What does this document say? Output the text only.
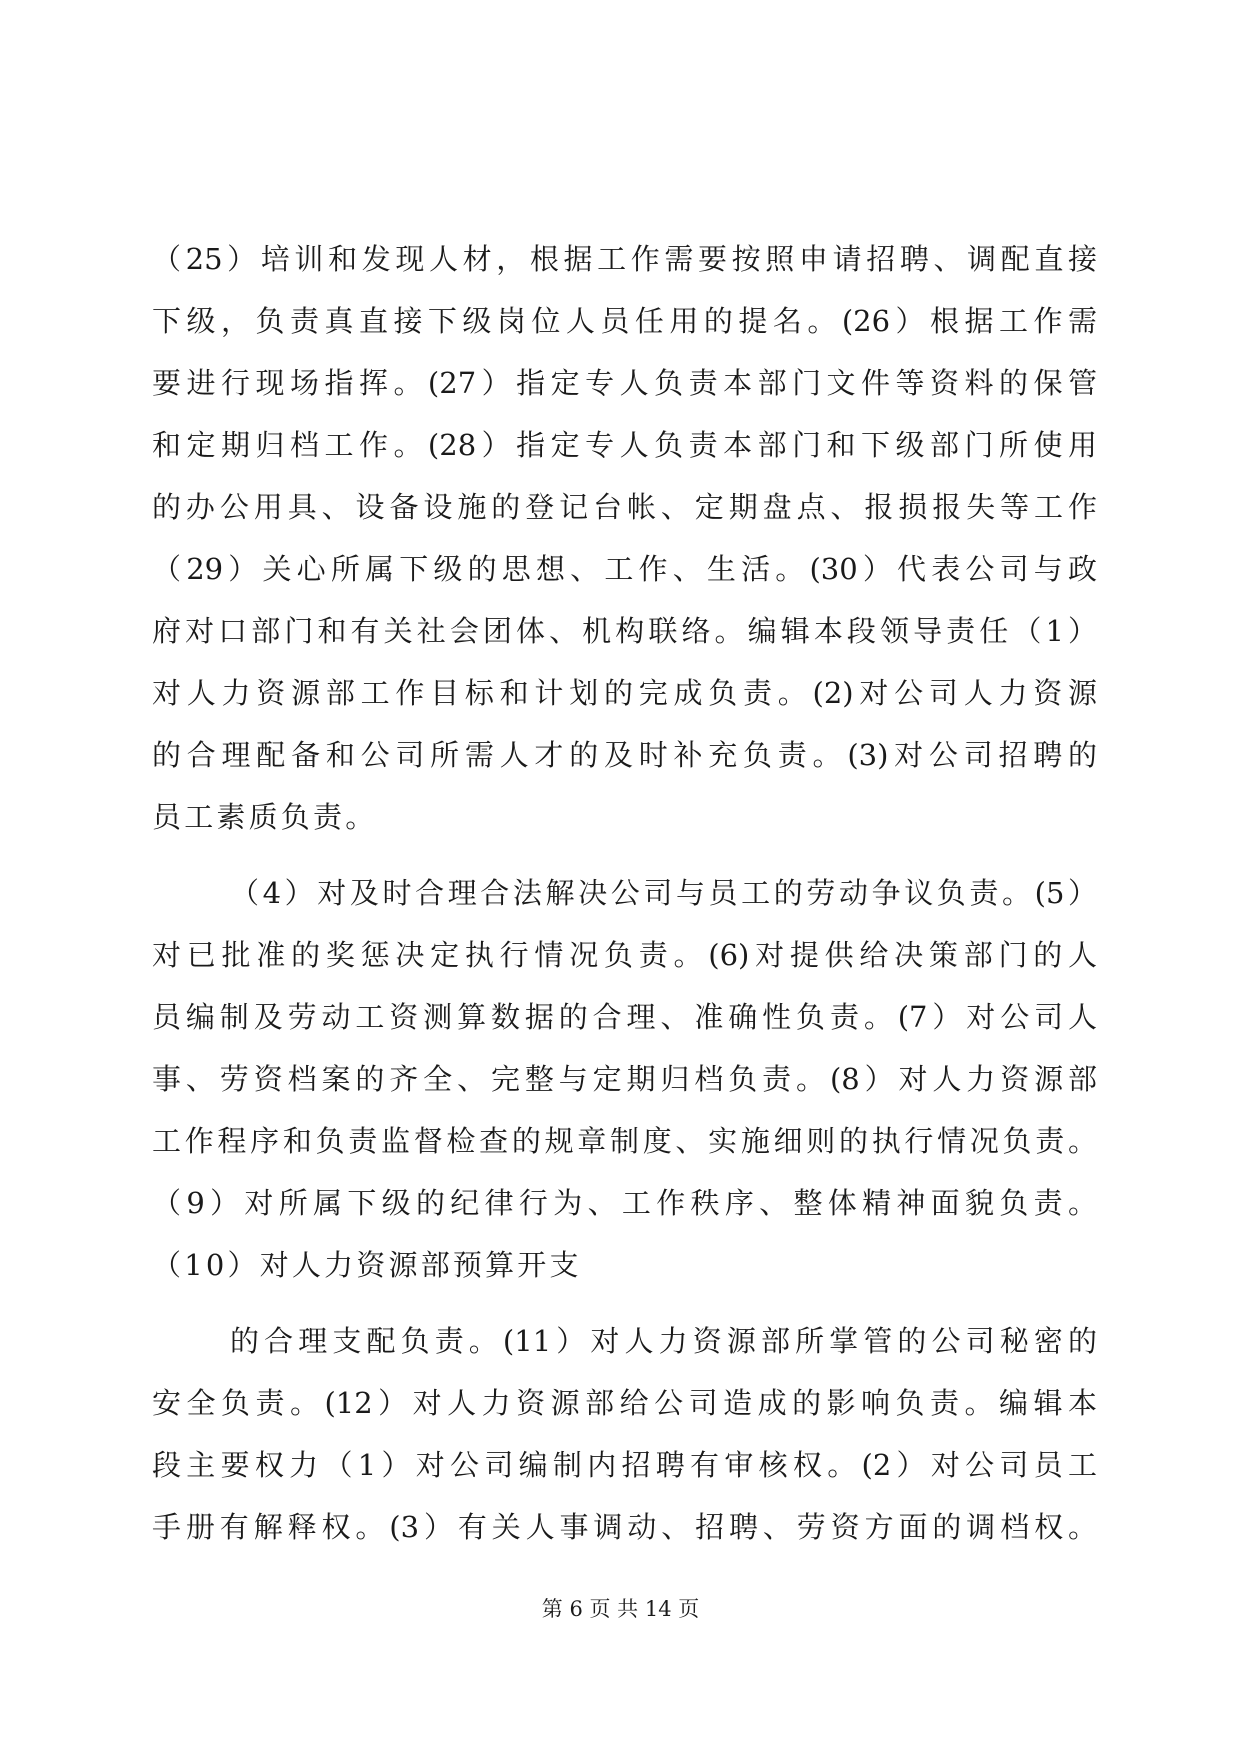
（25）培训和发现人材，根据工作需要按照申请招聘、调配直接
下级，负责真直接下级岗位人员任用的提名。(26）根据工作需
要进行现场指挥。(27）指定专人负责本部门文件等资料的保管
和定期归档工作。(28）指定专人负责本部门和下级部门所使用
的办公用具、设备设施的登记台帐、定期盘点、报损报失等工作
（29）关心所属下级的思想、工作、生活。(30）代表公司与政
府对口部门和有关社会团体、机构联络。编辑本段领导责任（1）
对人力资源部工作目标和计划的完成负责。(2)对公司人力资源
的合理配备和公司所需人才的及时补充负责。(3)对公司招聘的
员工素质负责。
（4）对及时合理合法解决公司与员工的劳动争议负责。(5）
对已批准的奖惩决定执行情况负责。(6)对提供给决策部门的人
员编制及劳动工资测算数据的合理、准确性负责。(7）对公司人
事、劳资档案的齐全、完整与定期归档负责。(8）对人力资源部
工作程序和负责监督检查的规章制度、实施细则的执行情况负责。
（9）对所属下级的纪律行为、工作秩序、整体精神面貌负责。
（10）对人力资源部预算开支
的合理支配负责。(11）对人力资源部所掌管的公司秘密的
安全负责。(12）对人力资源部给公司造成的影响负责。编辑本
段主要权力（1）对公司编制内招聘有审核权。(2）对公司员工
手册有解释权。(3）有关人事调动、招聘、劳资方面的调档权。
第 6 页 共 14 页
